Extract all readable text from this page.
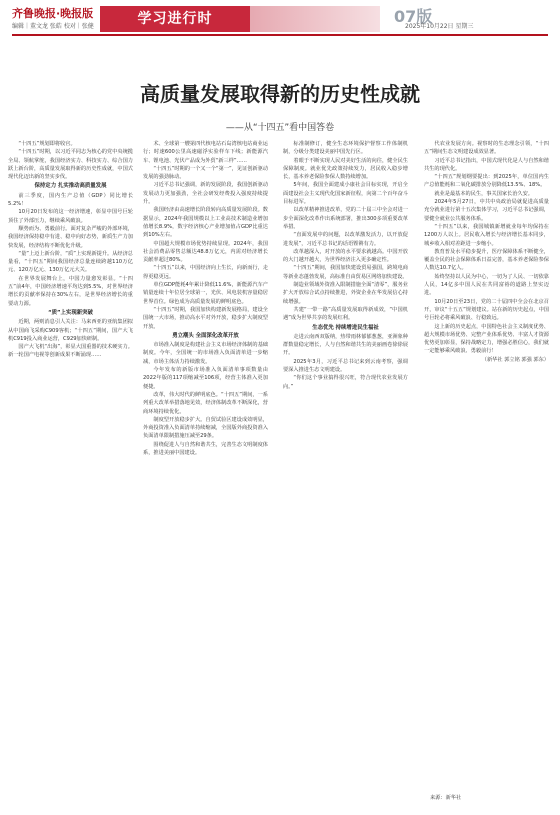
齐鲁晚报·晚报版
编辑｜董文龙 张皓 校对｜张健	学习进行时	07版
2025年10月22日 星期三
高质量发展取得新的历史性成就
——从“十四五”看中国答卷

“十四五”规划即将收官。

“十四五”时期，以习近平同志为核心的党中央统揽全局、领航掌舵，我国经济实力、科技实力、综合国力跃上新台阶，高质量发展取得新的历史性成就，中国式现代化迈出新的坚实步伐。

保持定力 扎实推动高质量发展

前三季度，国内生产总值（GDP）同比增长5.2%！

10月20日发布的这一经济增速，彰显中国号巨轮顶住了外部压力，继续乘风破浪。

顺势而为、勇毅前行。面对复杂严峻的外部环境，我国经济保持稳中有进、稳中向好态势，新质生产力加快发展，经济结构不断优化升级。

“量”上迈上新台阶，“质”上实现新提升。从经济总量看，“十四五”期间我国经济总量连续跨越110万亿元、120万亿元、130万亿元大关。

在世界发展舞台上，中国力量愈发彰显。“十四五”前4年，中国经济增速平均达到5.5%，对世界经济增长的贡献率保持在30%左右，是世界经济增长的重要动力源。

“质”上实现新突破

近期，两则消息引人关注：马来西亚的亚航集团拟从中国商飞采购C909客机；“十四五”期间，国产大飞机C919投入商业运营，C929加快研制。

国产大飞机“出海”，彰显大国重器的技术硬实力。新一轮国产电视等创新成果不断涌现……

术、全球第一艘第四代核电站石岛湾核电站商业运行；时速600公里高速磁浮实验样车下线；新能源汽车、锂电池、光伏产品成为外贸“新三样”……

“十四五”时期的一个又一个“第一”，见证创新驱动发展的强劲脉动。

习近平总书记强调，新的发展阶段，我国创新驱动发展动力更加强劲，全社会研发经费投入强度持续提升。

我国经济由高速增长阶段转向高质量发展阶段。数据显示，2024年我国规模以上工业高技术制造业增加值增长8.9%，数字经济核心产业增加值占GDP比重达到10%左右。

中国超大规模市场优势持续显现。2024年，我国社会消费品零售总额达48.8万亿元，内需对经济增长贡献率超过80%。

“十四五”以来，中国经济向上生长，向新而行，走得更稳更远。

单位GDP能耗4年累计降低11.6%，新能源汽车产销量连续十年位居全球第一，光伏、风电装机容量稳居世界首位。绿色成为高质量发展的鲜明底色。

“十四五”时期，我国加快构建新发展格局，建设全国统一大市场，推动高水平对外开放，稳步扩大制度型开放。

勇立潮头 全面深化改革开放

市场准入制度是构建社会主义市场经济体制的基础制度。今年，全国统一的市场准入负面清单进一步缩减，市场主体活力持续激发。

今年发布的新版市场准入负面清单事项数量由2022年版的117项缩减至106项，经营主体准入更加便捷。

改革，伟大时代的鲜明底色。“十四五”期间，一系列重大改革举措落地见效，经济体制改革不断深化，营商环境持续优化。

制度型开放稳步扩大。自贸试验区建设成效明显，外商投资准入负面清单持续缩减，全国版外商投资准入负面清单限制措施压减至29条。

围绕促进人与自然和谐共生，完善生态文明制度体系，推进美丽中国建设。

标准制修订，健全生态环境保护督察工作体制机制，分级分类建设美丽中国先行区。

着眼于不断实现人民对美好生活的向往，健全民生保障制度。就业优先政策持续发力，居民收入稳步增长，基本养老保险参保人数持续增加。

5年间，我国全面建成小康社会目标实现，开启全面建设社会主义现代化国家新征程，向第二个百年奋斗目标进军。

以改革精神推进改革，党的二十届三中全会对进一步全面深化改革作出系统部署，推出300多项重要改革举措。

“直面发展中的问题，以改革激发活力，以开放促进发展”，习近平总书记的话语铿锵有力。

改革越深入，对开放的水平要求就越高。中国开放的大门越开越大，为世界经济注入更多确定性。

“十四五”期间，我国加快建设贸易强国，跨境电商等新业态蓬勃发展，高标准自由贸易区网络加快建设。

制造业领域外资准入限制措施全面“清零”，服务业扩大开放综合试点持续推进，外资企业在华发展信心持续增强。

共建“一带一路”高质量发展取得新成效，“中国机遇”成为世界共享的发展红利。

生态优先 持续增进民生福祉

走进云南西双版纳，热带雨林郁郁葱葱，亚洲象种群数量稳定增长，人与自然和谐共生的美丽画卷徐徐展开。

2025年3月，习近平总书记来到云南考察，强调要深入推进生态文明建设。

“你们这个事业搞得很兴旺，符合现代农业发展方向。”

代农业发展方向。视察时的生态理念引领，“十四五”期间生态文明建设成效显著。

习近平总书记指出，中国式现代化是人与自然和谐共生的现代化。

“十四五”规划纲要提出：到2025年，单位国内生产总值能耗和二氧化碳排放分别降低13.5%、18%。

就业是最基本的民生，事关国家长治久安。

2024年5月27日，中共中央政治局就促进高质量充分就业进行第十五次集体学习，习近平总书记强调，要健全就业公共服务体系。

“十四五”以来，我国城镇新增就业每年均保持在1200万人以上。居民收入增长与经济增长基本同步，城乡收入相对差距进一步缩小。

教育普及水平稳步提升，医疗保障体系不断健全，覆盖全民的社会保障体系日益完善，基本养老保险参保人数达10.7亿人。

始终坚持以人民为中心，一切为了人民、一切依靠人民，14亿多中国人民在共同富裕的道路上坚实迈进。

10月20日至23日，党的二十届四中全会在北京召开，审议“十五五”规划建议。站在新的历史起点，中国号巨轮必将乘风破浪、行稳致远。

这上新的历史起点，中国特色社会主义制度优势、超大规模市场优势、完整产业体系优势、丰富人才资源优势更加彰显，保持战略定力，增强必胜信心，我们就一定能够乘风破浪、勇毅前行！

（新华社 郭立铭 郭强 郭东）

来源：新华社
